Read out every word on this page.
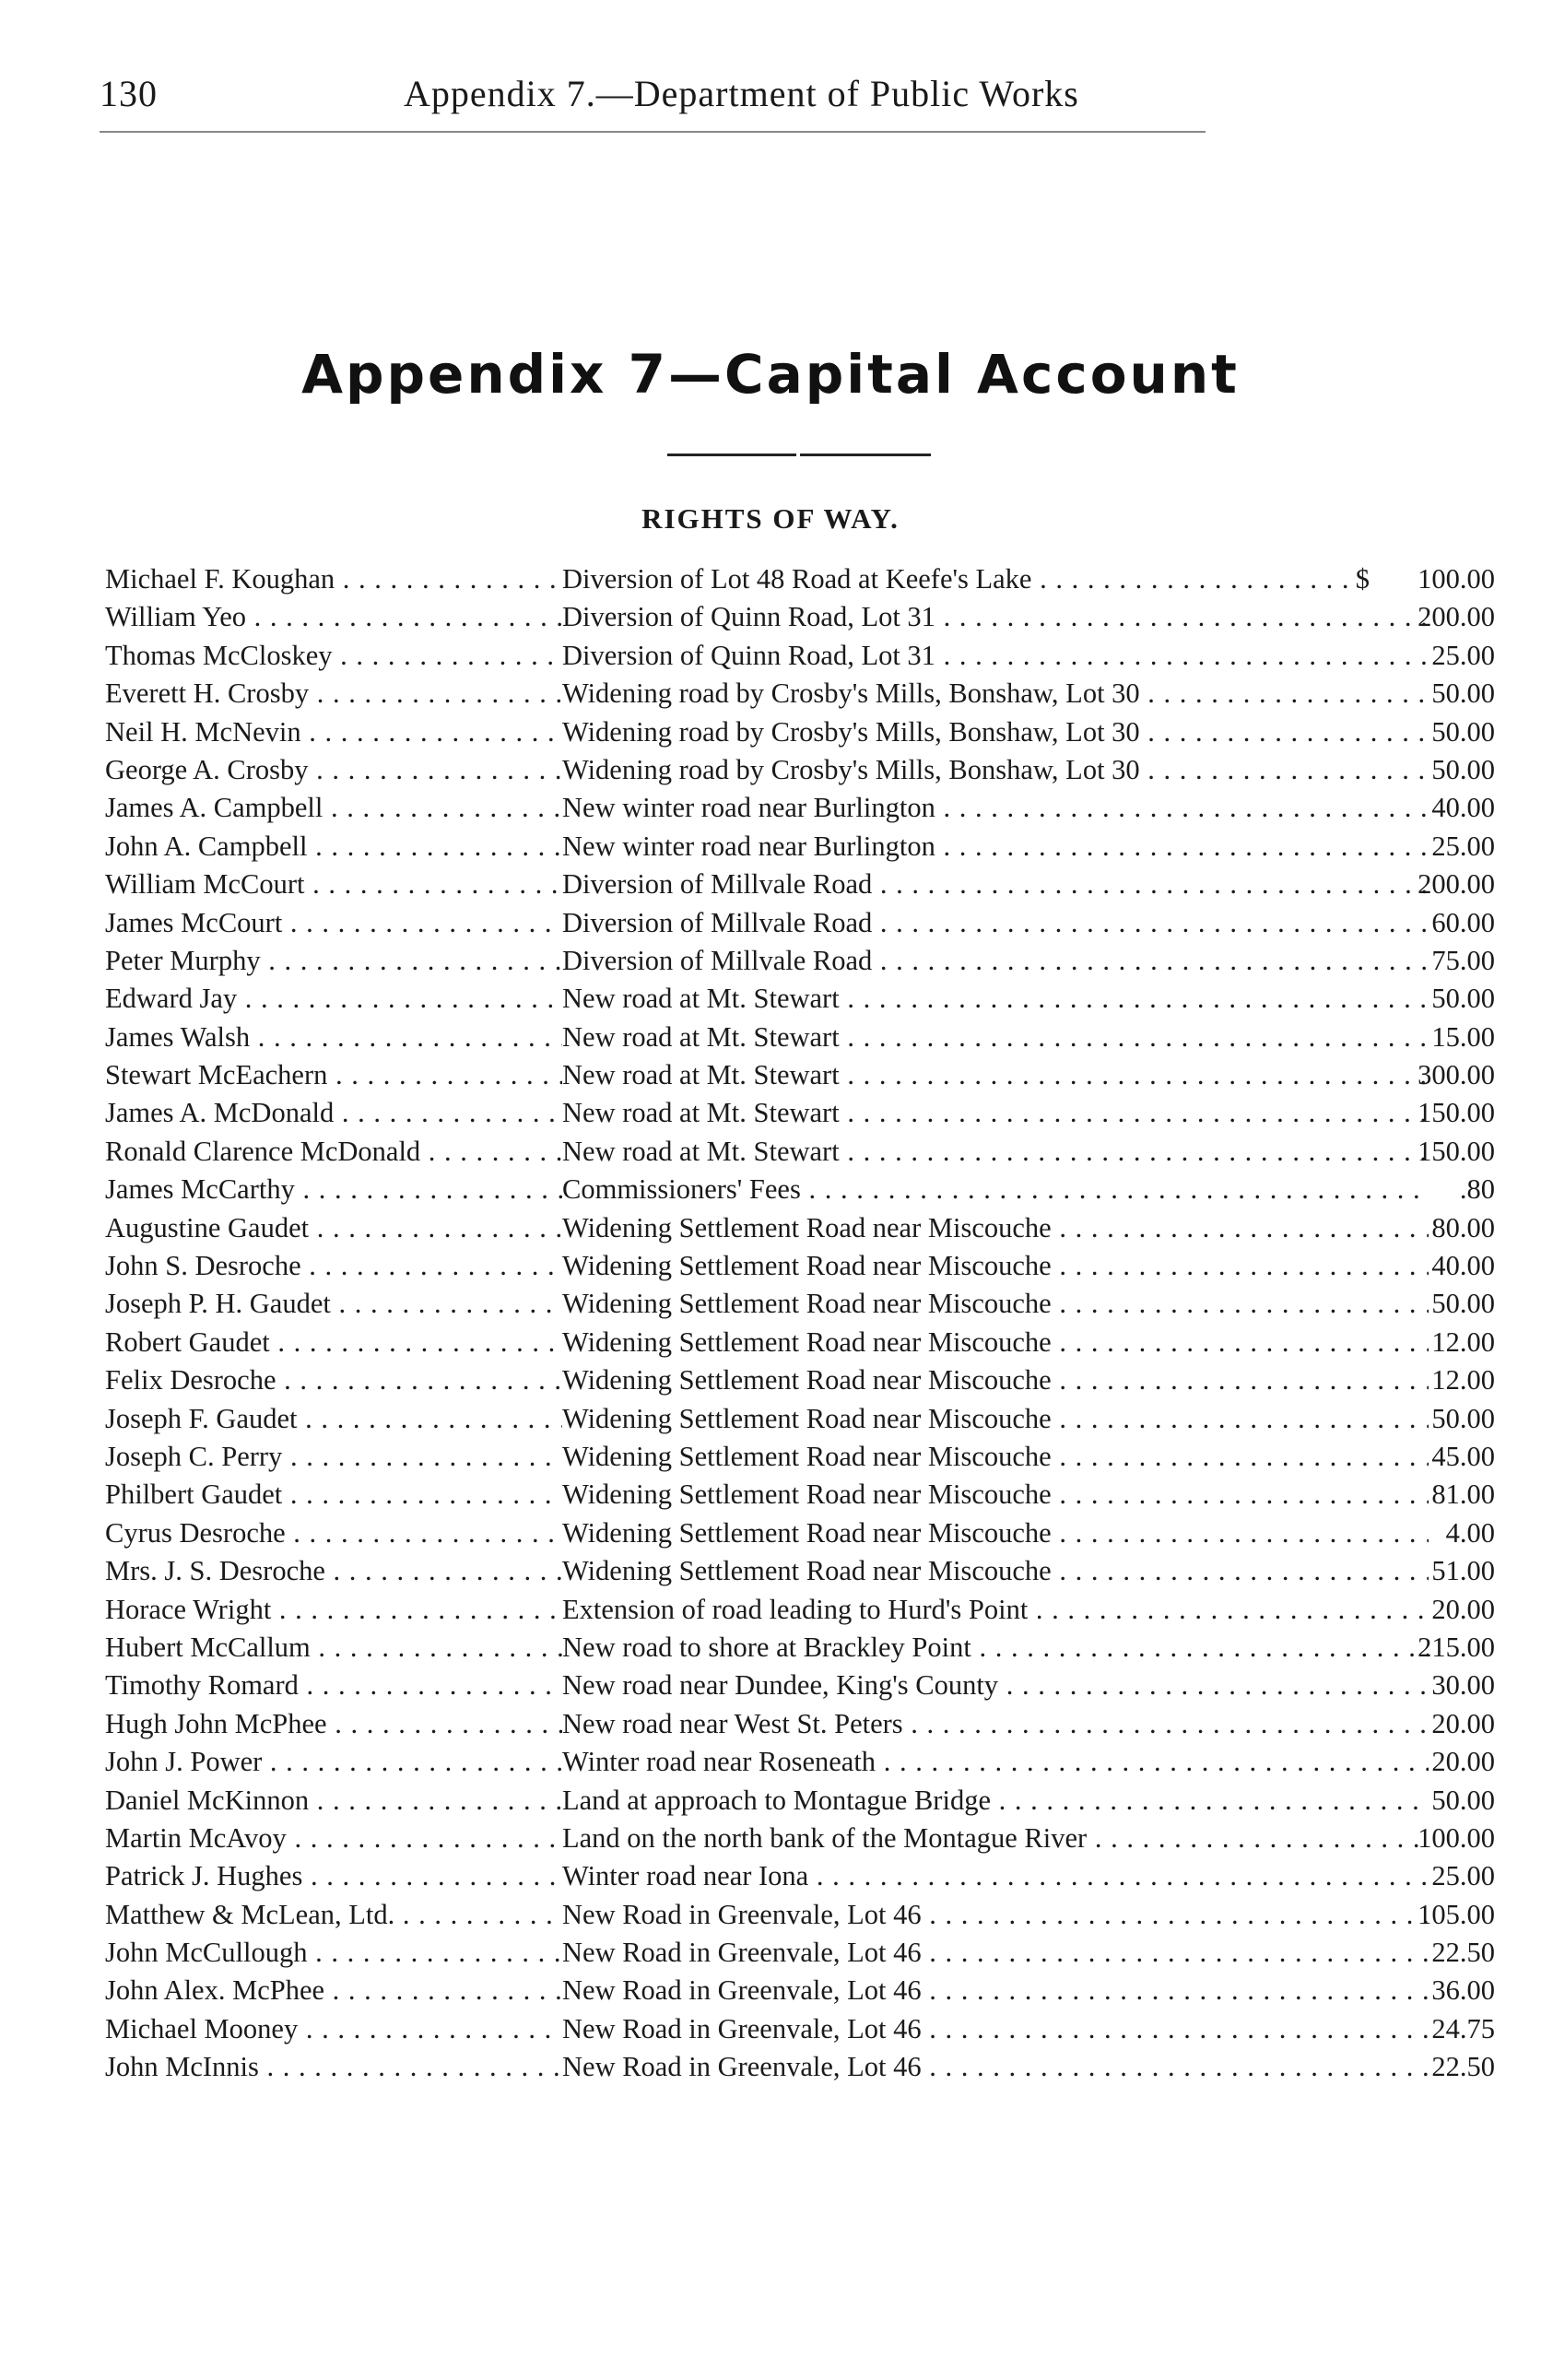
130	Appendix 7.—Department of Public Works
Appendix 7—Capital Account
RIGHTS OF WAY.
Michael F. Koughan . . .	Diversion of Lot 48 Road at Keefe's Lake . . .	$	100.00
William Yeo . . .	Diversion of Quinn Road, Lot 31 . . .	200.00
Thomas McCloskey . . .	Diversion of Quinn Road, Lot 31 . . .	25.00
Everett H. Crosby . . .	Widening road by Crosby's Mills, Bonshaw, Lot 30 . . .	50.00
Neil H. McNevin . . .	Widening road by Crosby's Mills, Bonshaw, Lot 30 . . .	50.00
George A. Crosby . . .	Widening road by Crosby's Mills, Bonshaw, Lot 30 . . .	50.00
James A. Campbell . . .	New winter road near Burlington . . .	40.00
John A. Campbell . . .	New winter road near Burlington . . .	25.00
William McCourt . . .	Diversion of Millvale Road . . .	200.00
James McCourt . . .	Diversion of Millvale Road . . .	60.00
Peter Murphy . . .	Diversion of Millvale Road . . .	75.00
Edward Jay . . .	New road at Mt. Stewart . . .	50.00
James Walsh . . .	New road at Mt. Stewart . . .	15.00
Stewart McEachern . . .	New road at Mt. Stewart . . .	300.00
James A. McDonald . . .	New road at Mt. Stewart . . .	150.00
Ronald Clarence McDonald . . .	New road at Mt. Stewart . . .	150.00
James McCarthy . . .	Commissioners' Fees . . .	.80
Augustine Gaudet . . .	Widening Settlement Road near Miscouche . . .	80.00
John S. Desroche . . .	Widening Settlement Road near Miscouche . . .	40.00
Joseph P. H. Gaudet . . .	Widening Settlement Road near Miscouche . . .	50.00
Robert Gaudet . . .	Widening Settlement Road near Miscouche . . .	12.00
Felix Desroche . . .	Widening Settlement Road near Miscouche . . .	12.00
Joseph F. Gaudet . . .	Widening Settlement Road near Miscouche . . .	50.00
Joseph C. Perry . . .	Widening Settlement Road near Miscouche . . .	45.00
Philbert Gaudet . . .	Widening Settlement Road near Miscouche . . .	81.00
Cyrus Desroche . . .	Widening Settlement Road near Miscouche . . .	4.00
Mrs. J. S. Desroche . . .	Widening Settlement Road near Miscouche . . .	51.00
Horace Wright . . .	Extension of road leading to Hurd's Point . . .	20.00
Hubert McCallum . . .	New road to shore at Brackley Point . . .	215.00
Timothy Romard . . .	New road near Dundee, King's County . . .	30.00
Hugh John McPhee . . .	New road near West St. Peters . . .	20.00
John J. Power . . .	Winter road near Roseneath . . .	20.00
Daniel McKinnon . . .	Land at approach to Montague Bridge . . .	50.00
Martin McAvoy . . .	Land on the north bank of the Montague River . . .	100.00
Patrick J. Hughes . . .	Winter road near Iona . . .	25.00
Matthew & McLean, Ltd. . . .	New Road in Greenvale, Lot 46 . . .	105.00
John McCullough . . .	New Road in Greenvale, Lot 46 . . .	22.50
John Alex. McPhee . . .	New Road in Greenvale, Lot 46 . . .	36.00
Michael Mooney . . .	New Road in Greenvale, Lot 46 . . .	24.75
John McInnis . . .	New Road in Greenvale, Lot 46 . . .	22.50
